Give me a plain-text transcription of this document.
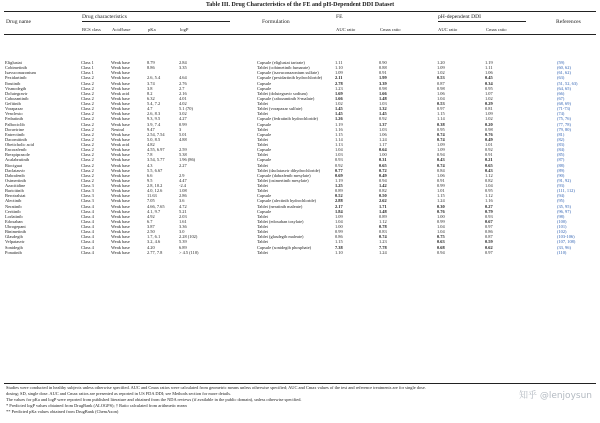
Table III. Drug Characteristics of the FE and pH-Dependent DDI Dataset
Drug name
Drug characteristics
Formulation
FE	pH-dependent DDI
References
BCS class Acid/base	pKa	logP	AUC ratio	Cmax ratio	AUC ratio	Cmax ratio
Eliglustat	Class 1	Weak base	8.79	2.84	Capsule (eliglustat tartrate)	1.11	0.90	1.20	1.19	(59)
Cobimetinib	Class 1	Weak base	8.86	3.35	Tablet (cobimetinib fumarate)	1.10	0.88	1.09	1.11	(60, 62)
Isavuconazonium	Class 1	Weak base			Capsule (isavuconazonium sulfate)	1.09	0.91	1.02	1.06	(61, 62)
Pexidartinib	Class 2	Weak base	2.6, 5.4	4.64	Capsule (pexidartinib hydrochloride)	2.11	1.99	0.53	0.45	(63)
Ibrutinib	Class 2	Weak base	3.74	2.76	Capsule	2.78	3.39	0.87	0.34	(51, 52, 63)
Vismodegib	Class 2	Weak base	3.8	2.7	Capsule	1.23	0.98	0.98	0.95	(64, 65)
Dolutegravir	Class 2	Weak acid	8.2	2.16	Tablet (dolutegravir sodium)	1.69	1.66	1.06	1.07	(66)
Cabozantinib	Class 2	Weak base	6.32	4.01	Capsule (cabozantinib S-malate)	1.66	1.48	1.04	1.02	(67)
Gefitinib	Class 2	Weak base	5.4, 7.2	4.02	Tablet	1.02	1.03	0.53	0.29	(68, 69)
Vorapaxar	Class 2	Weak base	4.7	5.1 (70)	Tablet (vorapaxar sulfate)	1.45	1.32	0.97	0.81	(71-73)
Venclexto	Class 2	Weak base	2.6, 8.3	3.02	Tablet	1.45	1.45	1.15	1.09	(74)
Fedratinib	Class 2	Weak base	9.3, 9.5	4.27	Capsule (fedratinib hydrochloride)	1.26	0.92	1.14	1.02	(75, 76)
Palbociclib	Class 2	Weak base	3.9, 7.4	0.99	Capsule	1.19	1.37	0.38	0.20	(77, 78)
Doravirine	Class 2	Neutral	9.47	3	Tablet	1.16	1.03	0.95	0.98	(79, 80)
Entrectinib	Class 2	Weak base	2.54, 7.54	5.01	Capsule	1.15	1.06	0.74	0.76	(81)
Dacomitinib	Class 2	Weak base	5.0, 8.5	4.88	Tablet	1.14	1.24	0.74	0.49	(82)
Obeticholic acid	Class 2	Weak acid	4.82		Tablet	1.13	1.17	1.09	1.01	(83)
Encorafenib	Class 2	Weak base	4.55, 6.97	2.59	Capsule	1.04	0.64	1.09	0.92	(84)
Brexpiprazole	Class 2	Weak base	7.8	5.38	Tablet	1.03	1.00	0.94	0.91	(85)
Acalabrutinib	Class 2	Weak base	3.54, 5.77	1.96 (86)	Capsule	0.93	0.31	0.43	0.21	(87)
Riociguat	Class 2	Weak base	4.3	2.27	Tablet	0.92	0.65	0.74	0.65	(88)
Daclatasvir	Class 2	Weak base	5.5, 6.67		Tablet (daclatasvir dihydrochloride)	0.77	0.72	0.84	0.43	(89)
Dabrafenib	Class 2	Weak base	6.6	2.9	Capsule (dabrafenib mesylate)	0.69	0.49	1.06	1.12	(90)
Osimertinib	Class 2	Weak base	9.5	4.47	Tablet (osimertinib mesylate)	1.19	0.94	0.91	0.82	(91, 92)
Azacitidine	Class 3	Weak base	2.8, 10.2	-2.4	Tablet	1.25	1.42	0.99	1.04	(93)
Baricitinib	Class 3	Weak base	4.0, 12.6	1.08	Tablet	0.89	0.82	1.01	0.95	(111, 112)
Berotralstat	Class 3	Weak base	11.63	2.86	Capsule	0.52	0.50	1.15	1.12	(94)
Alectinib	Class 3	Weak base	7.05	3.6	Capsule (alectinib hydrochloride)	2.88	2.62	1.24	1.16	(95)
Neratinib	Class 4	Weak base	4.66, 7.65	4.72	Tablet (neratinib maleate)	2.17	1.71	0.30	0.27	(35, 95)
Ceritinib	Class 4	Weak base	4.1, 9.7	5.21	Capsule	1.84	1.48	0.76	0.79	(96, 97)
Lorlatinib	Class 4	Weak base	4.92	2.03	Tablet	1.09	0.89	1.00	0.93	(98)
Edoxaban	Class 4	Weak base	6.7	1.61	Tablet (edoxaban tosylate)	1.04	1.12	0.99	0.67	(100)
Ubrogepant	Class 4	Weak base	3.87	3.36	Tablet	1.00	0.78	1.04	0.97	(101)
Binimetinib	Class 4	Weak base	2.50	3.0	Tablet	0.99	0.83	1.04	0.86	(102)
Glasdegib	Class 4	Weak base	1.7, 6.1	2.28 (102)	Tablet (glasdegib maleate)	0.86	0.74	0.75	0.87	(103-106)
Velpatasvir	Class 4	Weak base	3.2, 4.6	5.39	Tablet	1.15	1.23	0.63	0.59	(107, 108)
Sonidegib	Class 4	Weak base	4.20	6.89	Capsule (sonidegib phosphate)	7.38	7.78	0.68	0.62	(33, 96)
Ponatinib	Class 4	Weak base	2.77, 7.8	> 4.5 (110)	Tablet	1.10	1.24	0.94	0.97	(110)
Studies were conducted in healthy subjects unless otherwise specified. AUC and Cmax ratios were calculated from geometric means unless otherwise specified; AUC and Cmax values of the test and reference treatments are for single dose.
dosing; SD, single dose. AUC and Cmax ratios are presented as reported in US FDA DDI; see Methods section for more details.
The values for pKa and logP were reported from published literature and obtained from the NDA reviews (if available in the public domain), unless otherwise specified.
* Predicted logP values obtained from DrugBank (ALOGPS); † Ratio calculated from arithmetic mean
** Predicted pKa values obtained from DrugBank (ChemAxon)
知乎 @lenjoysun
